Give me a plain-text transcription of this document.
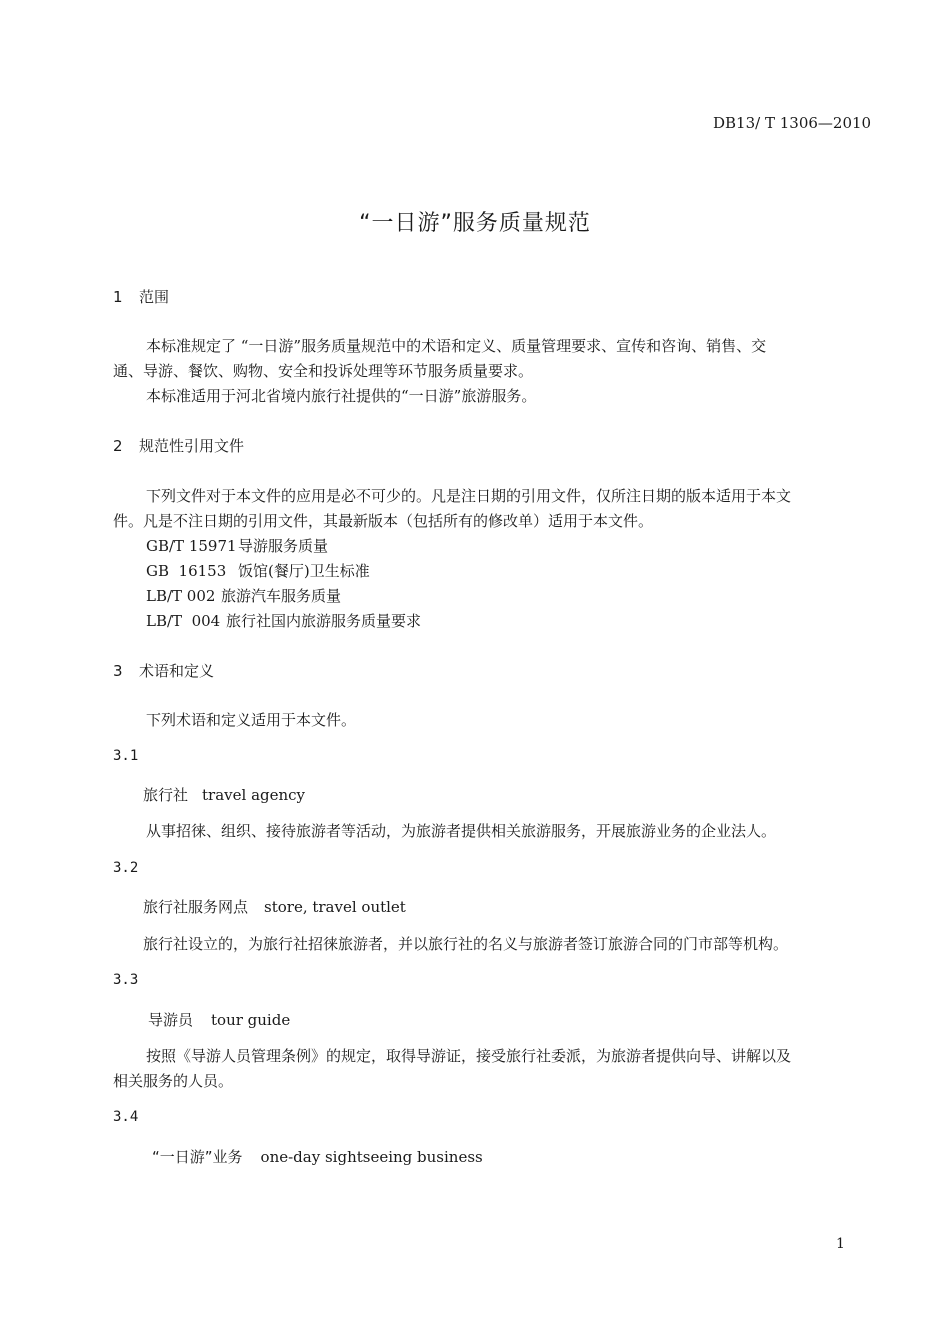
DB13/ T 1306—2010
“一日游”服务质量规范
1 范围
本标准规定了 “一日游”服务质量规范中的术语和定义、质量管理要求、宣传和咨询、销售、交
通、导游、餐饮、购物、安全和投诉处理等环节服务质量要求。
本标准适用于河北省境内旅行社提供的“一日游”旅游服务。
2 规范性引用文件
下列文件对于本文件的应用是必不可少的。凡是注日期的引用文件，仅所注日期的版本适用于本文
件。凡是不注日期的引用文件，其最新版本（包括所有的修改单）适用于本文件。
GB/T 15971导游服务质量
GB  16153 饭馆(餐厅)卫生标准
LB/T 002 旅游汽车服务质量
LB/T  004 旅行社国内旅游服务质量要求
3 术语和定义
下列术语和定义适用于本文件。
3.1
旅行社 travel agency
从事招徕、组织、接待旅游者等活动，为旅游者提供相关旅游服务，开展旅游业务的企业法人。
3.2
旅行社服务网点 store, travel outlet
旅行社设立的，为旅行社招徕旅游者，并以旅行社的名义与旅游者签订旅游合同的门市部等机构。
3.3
导游员 tour guide
按照《导游人员管理条例》的规定，取得导游证，接受旅行社委派，为旅游者提供向导、讲解以及
相关服务的人员。
3.4
“一日游”业务 one-day sightseeing business
1
